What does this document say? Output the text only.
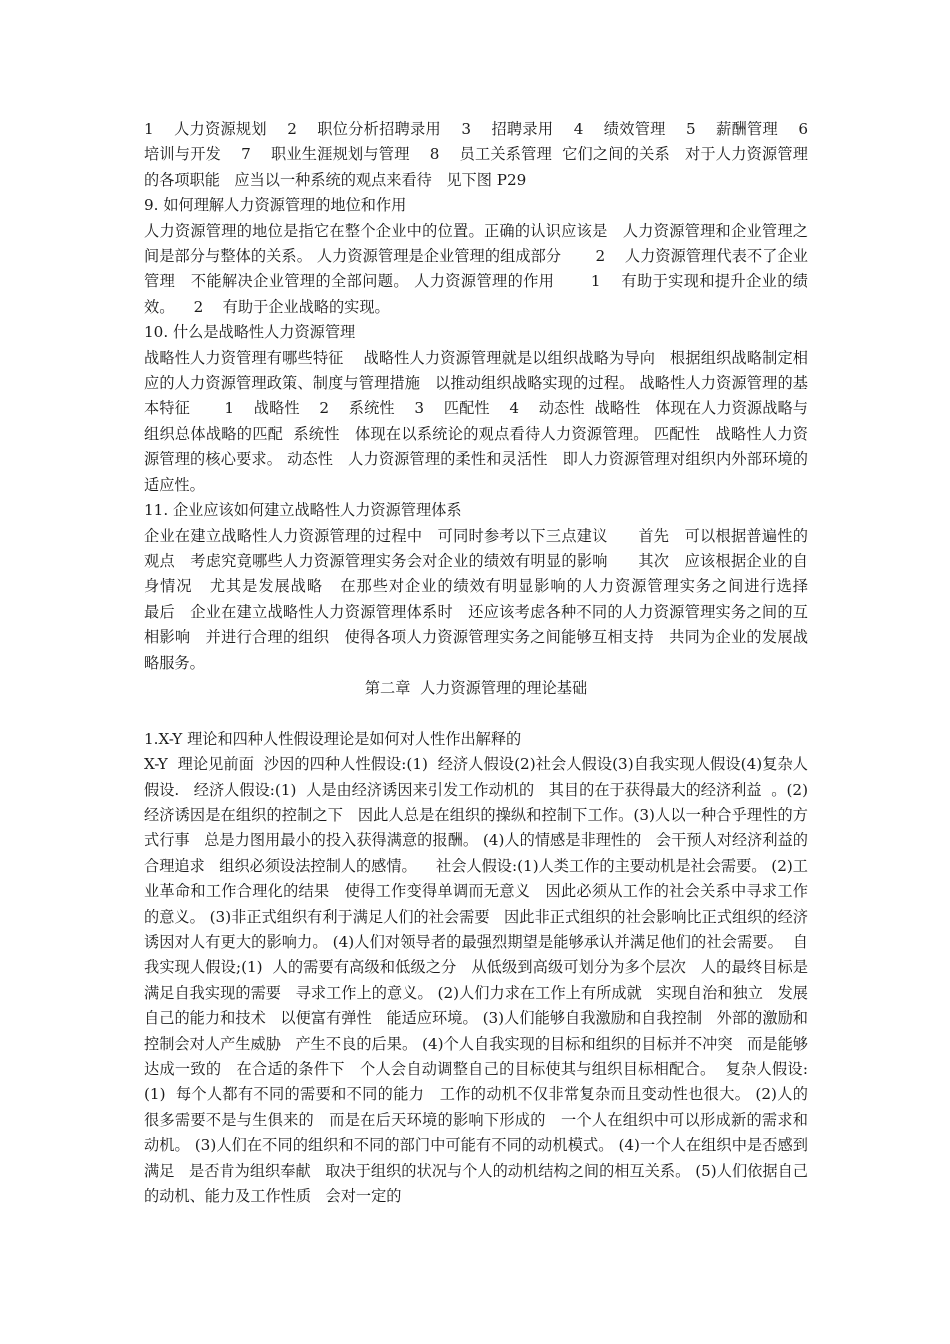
1    人力资源规划    2    职位分析招聘录用    3    招聘录用    4    绩效管理    5    薪酬管理    6    培训与开发    7    职业生涯规划与管理    8    员工关系管理  它们之间的关系   对于人力资源管理的各项职能   应当以一种系统的观点来看待   见下图 P29

9. 如何理解人力资源管理的地位和作用

人力资源管理的地位是指它在整个企业中的位置。正确的认识应该是   人力资源管理和企业管理之间是部分与整体的关系。 人力资源管理是企业管理的组成部分       2    人力资源管理代表不了企业管理   不能解决企业管理的全部问题。 人力资源管理的作用       1    有助于实现和提升企业的绩效。    2    有助于企业战略的实现。

10. 什么是战略性人力资源管理

战略性人力资管理有哪些特征    战略性人力资源管理就是以组织战略为导向   根据组织战略制定相应的人力资源管理政策、制度与管理措施   以推动组织战略实现的过程。 战略性人力资源管理的基本特征       1    战略性    2    系统性    3    匹配性    4    动态性  战略性   体现在人力资源战略与组织总体战略的匹配  系统性   体现在以系统论的观点看待人力资源管理。 匹配性   战略性人力资源管理的核心要求。 动态性   人力资源管理的柔性和灵活性   即人力资源管理对组织内外部环境的适应性。

11. 企业应该如何建立战略性人力资源管理体系

企业在建立战略性人力资源管理的过程中   可同时参考以下三点建议      首先   可以根据普遍性的观点   考虑究竟哪些人力资源管理实务会对企业的绩效有明显的影响      其次   应该根据企业的自身情况   尤其是发展战略   在那些对企业的绩效有明显影响的人力资源管理实务之间进行选择      最后   企业在建立战略性人力资源管理体系时   还应该考虑各种不同的人力资源管理实务之间的互相影响   并进行合理的组织   使得各项人力资源管理实务之间能够互相支持   共同为企业的发展战略服务。

第二章  人力资源管理的理论基础

1.X-Y 理论和四种人性假设理论是如何对人性作出解释的

X-Y  理论见前面  沙因的四种人性假设:(1)  经济人假设(2)社会人假设(3)自我实现人假设(4)复杂人假设.   经济人假设:(1)  人是由经济诱因来引发工作动机的   其目的在于获得最大的经济利益  。(2)经济诱因是在组织的控制之下   因此人总是在组织的操纵和控制下工作。(3)人以一种合乎理性的方式行事   总是力图用最小的投入获得满意的报酬。 (4)人的情感是非理性的   会干预人对经济利益的合理追求   组织必须设法控制人的感情。    社会人假设:(1)人类工作的主要动机是社会需要。 (2)工业革命和工作合理化的结果   使得工作变得单调而无意义   因此必须从工作的社会关系中寻求工作的意义。 (3)非正式组织有利于满足人们的社会需要   因此非正式组织的社会影响比正式组织的经济诱因对人有更大的影响力。 (4)人们对领导者的最强烈期望是能够承认并满足他们的社会需要。  自我实现人假设;(1)  人的需要有高级和低级之分   从低级到高级可划分为多个层次   人的最终目标是满足自我实现的需要   寻求工作上的意义。 (2)人们力求在工作上有所成就   实现自治和独立   发展自己的能力和技术   以便富有弹性   能适应环境。 (3)人们能够自我激励和自我控制   外部的激励和控制会对人产生威胁   产生不良的后果。 (4)个人自我实现的目标和组织的目标并不冲突   而是能够达成一致的   在合适的条件下   个人会自动调整自己的目标使其与组织目标相配合。  复杂人假设:(1)  每个人都有不同的需要和不同的能力   工作的动机不仅非常复杂而且变动性也很大。 (2)人的很多需要不是与生俱来的   而是在后天环境的影响下形成的   一个人在组织中可以形成新的需求和动机。 (3)人们在不同的组织和不同的部门中可能有不同的动机模式。 (4)一个人在组织中是否感到满足   是否肯为组织奉献   取决于组织的状况与个人的动机结构之间的相互关系。 (5)人们依据自己的动机、能力及工作性质   会对一定的
